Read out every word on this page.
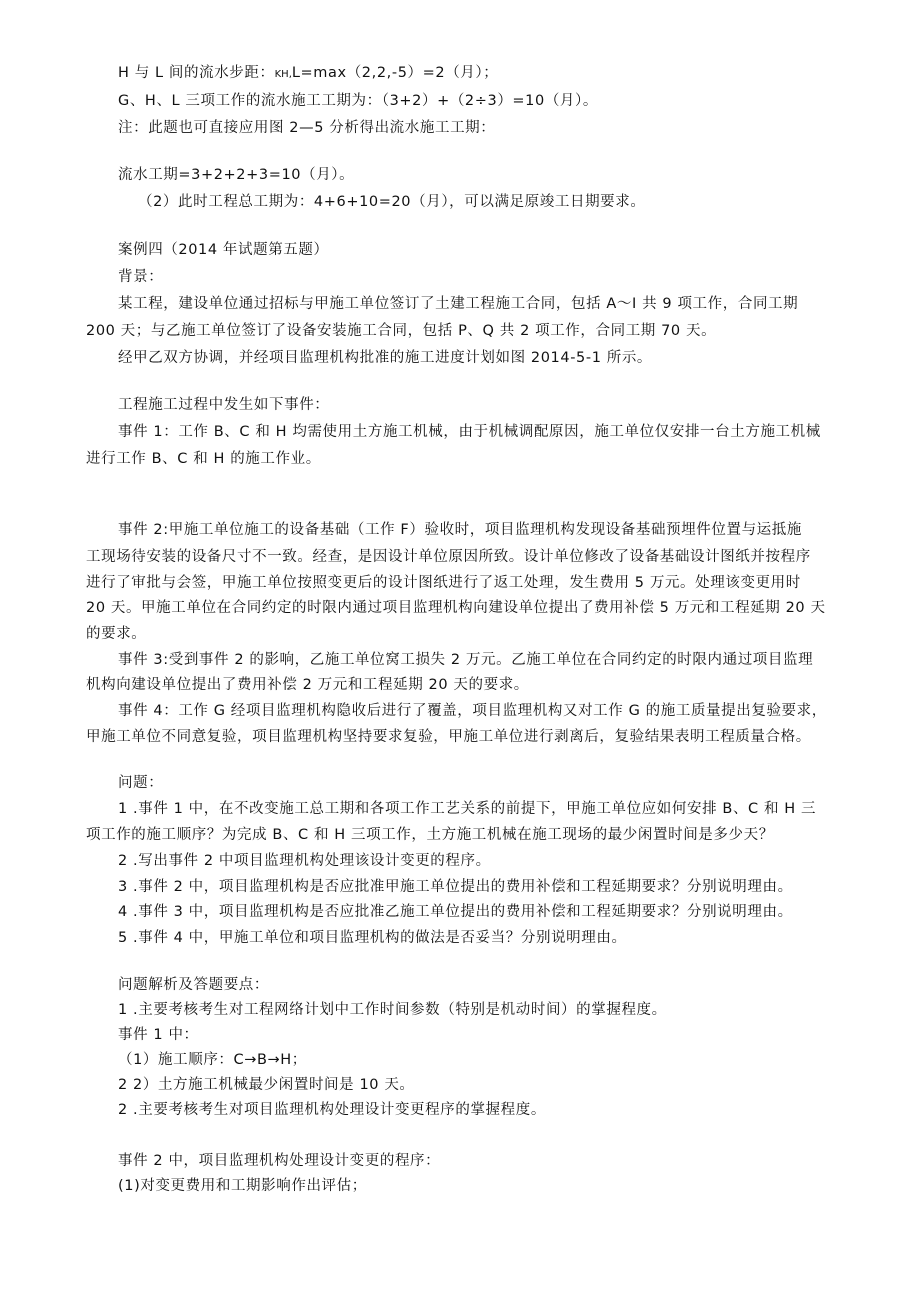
H 与 L 间的流水步距：KH,L=max（2,2,-5）=2（月）；
G、H、L 三项工作的流水施工工期为：（3+2）+（2÷3）=10（月）。
注：此题也可直接应用图 2—5 分析得出流水施工工期：
流水工期=3+2+2+3=10（月）。
（2）此时工程总工期为：4+6+10=20（月），可以满足原竣工日期要求。
案例四（2014 年试题第五题）
背景：
某工程，建设单位通过招标与甲施工单位签订了土建工程施工合同，包括 A～I 共 9 项工作，合同工期
200 天；与乙施工单位签订了设备安装施工合同，包括 P、Q 共 2 项工作，合同工期 70 天。
经甲乙双方协调，并经项目监理机构批准的施工进度计划如图 2014-5-1 所示。
工程施工过程中发生如下事件：
事件 1：工作 B、C 和 H 均需使用土方施工机械，由于机械调配原因，施工单位仅安排一台土方施工机械
进行工作 B、C 和 H 的施工作业。
事件 2:甲施工单位施工的设备基础（工作 F）验收时，项目监理机构发现设备基础预埋件位置与运抵施
工现场待安装的设备尺寸不一致。经查，是因设计单位原因所致。设计单位修改了设备基础设计图纸并按程序
进行了审批与会签，甲施工单位按照变更后的设计图纸进行了返工处理，发生费用 5 万元。处理该变更用时
20 天。甲施工单位在合同约定的时限内通过项目监理机构向建设单位提出了费用补偿 5 万元和工程延期 20 天
的要求。
事件 3:受到事件 2 的影响，乙施工单位窝工损失 2 万元。乙施工单位在合同约定的时限内通过项目监理
机构向建设单位提出了费用补偿 2 万元和工程延期 20 天的要求。
事件 4：工作 G 经项目监理机构隐收后进行了覆盖，项目监理机构又对工作 G 的施工质量提出复验要求，
甲施工单位不同意复验，项目监理机构坚持要求复验，甲施工单位进行剥离后，复验结果表明工程质量合格。
问题：
1 .事件 1 中，在不改变施工总工期和各项工作工艺关系的前提下，甲施工单位应如何安排 B、C 和 H 三
项工作的施工顺序？为完成 B、C 和 H 三项工作，土方施工机械在施工现场的最少闲置时间是多少天？
2 .写出事件 2 中项目监理机构处理该设计变更的程序。
3 .事件 2 中，项目监理机构是否应批准甲施工单位提出的费用补偿和工程延期要求？分别说明理由。
4 .事件 3 中，项目监理机构是否应批准乙施工单位提出的费用补偿和工程延期要求？分别说明理由。
5 .事件 4 中，甲施工单位和项目监理机构的做法是否妥当？分别说明理由。
问题解析及答题要点：
1 .主要考核考生对工程网络计划中工作时间参数（特别是机动时间）的掌握程度。
事件 1 中：
（1）施工顺序：C→B→H；
2 2）土方施工机械最少闲置时间是 10 天。
2 .主要考核考生对项目监理机构处理设计变更程序的掌握程度。
事件 2 中，项目监理机构处理设计变更的程序：
(1)对变更费用和工期影响作出评估；
